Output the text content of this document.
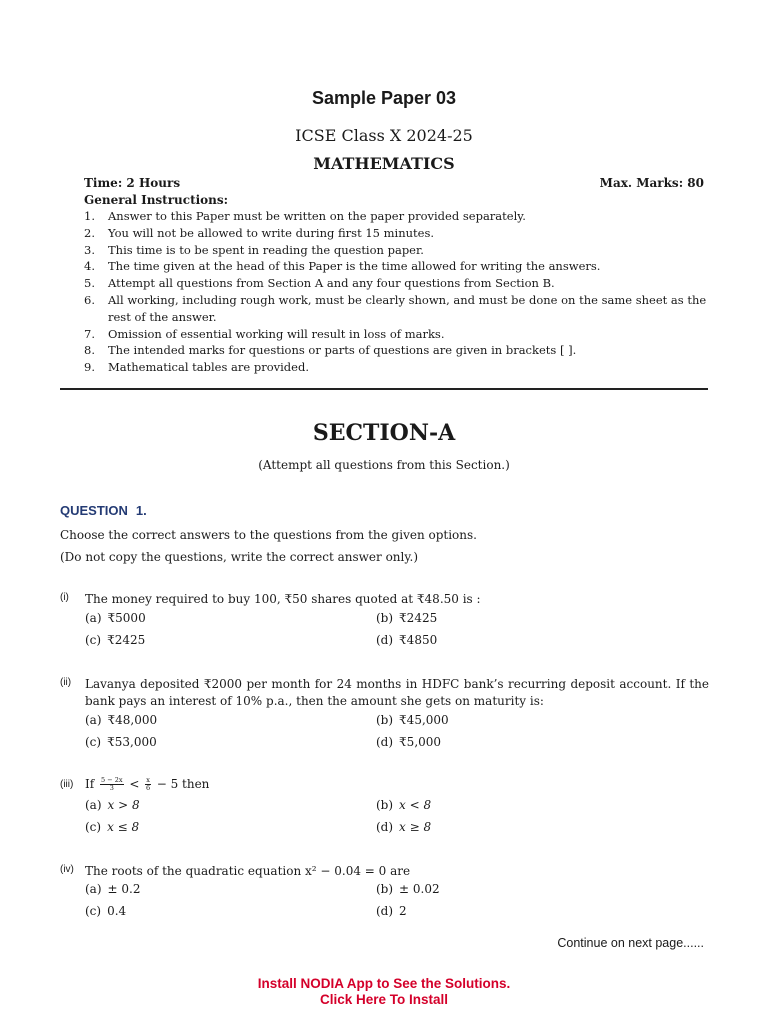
Sample Paper 03
ICSE Class X 2024-25
MATHEMATICS
Time: 2 Hours	Max. Marks: 80
General Instructions:
1. Answer to this Paper must be written on the paper provided separately.
2. You will not be allowed to write during first 15 minutes.
3. This time is to be spent in reading the question paper.
4. The time given at the head of this Paper is the time allowed for writing the answers.
5. Attempt all questions from Section A and any four questions from Section B.
6. All working, including rough work, must be clearly shown, and must be done on the same sheet as the rest of the answer.
7. Omission of essential working will result in loss of marks.
8. The intended marks for questions or parts of questions are given in brackets [ ].
9. Mathematical tables are provided.
SECTION-A
(Attempt all questions from this Section.)
QUESTION 1.
Choose the correct answers to the questions from the given options.
(Do not copy the questions, write the correct answer only.)
(i) The money required to buy 100, ₹50 shares quoted at ₹48.50 is :
(a) ₹5000	(b) ₹2425
(c) ₹2425	(d) ₹4850
(ii) Lavanya deposited ₹2000 per month for 24 months in HDFC bank’s recurring deposit account. If the bank pays an interest of 10% p.a., then the amount she gets on maturity is:
(a) ₹48,000	(b) ₹45,000
(c) ₹53,000	(d) ₹5,000
(iii) If $\frac{5 - 2x}{3} < \frac{x}{6} - 5$ then
(a) x > 8	(b) x < 8
(c) x ≤ 8	(d) x ≥ 8
(iv) The roots of the quadratic equation x² − 0.04 = 0 are
(a) ± 0.2	(b) ± 0.02
(c) 0.4	(d) 2
Continue on next page......
Install NODIA App to See the Solutions.
Click Here To Install
